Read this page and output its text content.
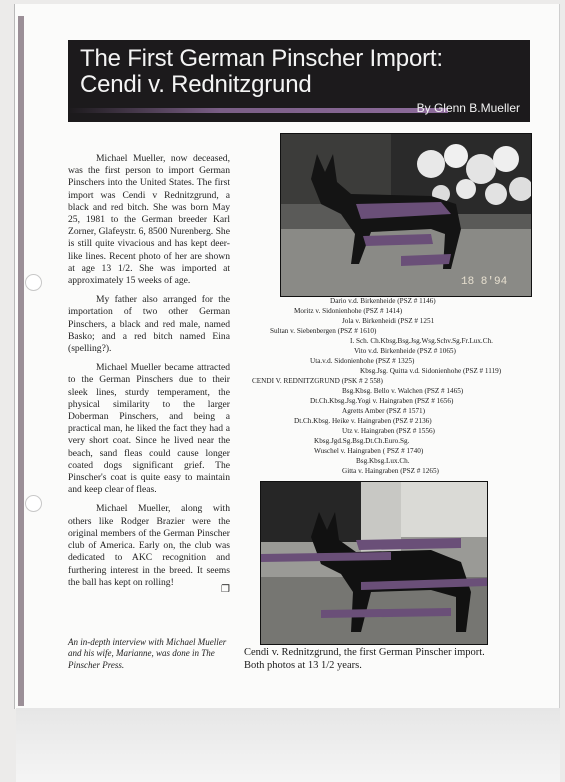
The First German Pinscher Import:
Cendi v. Rednitzgrund
By Glenn B.Mueller

Michael Mueller, now deceased, was the first person to import German Pinschers into the United States. The first import was Cendi v Rednitzgrund, a black and red bitch. She was born May 25, 1981 to the German breeder Karl Zorner, Glafeystr. 6, 8500 Nurenberg. She is still quite vivacious and has kept deer-like lines. Recent photo of her are shown at age 13 1/2. She was imported at approximately 15 weeks of age.

My father also arranged for the importation of two other German Pinschers, a black and red male, named Basko; and a red bitch named Eina (spelling?).

Michael Mueller became attracted to the German Pinschers due to their sleek lines, sturdy temperament, the physical similarity to the larger Doberman Pinschers, and being a practical man, he liked the fact they had a very short coat. Since he lived near the beach, sand fleas could cause longer coated dogs significant grief. The Pinscher's coat is quite easy to maintain and keep clear of fleas.

Michael Mueller, along with others like Rodger Brazier were the original members of the German Pinscher club of America. Early on, the club was dedicated to AKC recognition and furthering interest in the breed. It seems the ball has kept on rolling!

❐
An in-depth interview with Michael Mueller and his wife, Marianne, was done in The Pinscher Press.
18 8'94
Dario v.d. Birkenheide (PSZ # 1146)
Moritz v. Sidonienhohe (PSZ # 1414)
Jola v. Birkenheidi (PSZ # 1251
Sultan v. Siebenbergen (PSZ # 1610)
I. Sch. Ch.Kbsg.Bsg.Jsg.Wsg.Schv.Sg.Fr.Lux.Ch.
Vito v.d. Birkenheide (PSZ # 1065)
Uta.v.d. Sidonienhohe (PSZ # 1325)
Kbsg.Jsg. Quitta v.d. Sidonienhohe (PSZ # 1119)
CENDI V. REDNITZGRUND (PSK # 2 558)
Bsg.Kbsg. Bello v. Walchen (PSZ # 1465)
Dt.Ch.Kbsg.Jsg.Yogi v. Haingraben (PSZ # 1656)
Agretts Amber (PSZ # 1571)
Dt.Ch.Kbsg. Heike v. Haingraben (PSZ # 2136)
Utz v. Haingraben (PSZ # 1556)
Kbsg.Jgd.Sg.Bsg.Dt.Ch.Euro.Sg.
Wuschel v. Haingraben ( PSZ # 1740)
Bsg.Kbsg.Lux.Ch.
Gitta v. Haingraben (PSZ # 1265)
Cendi v. Rednitzgrund, the first German Pinscher import. Both photos at 13 1/2 years.
